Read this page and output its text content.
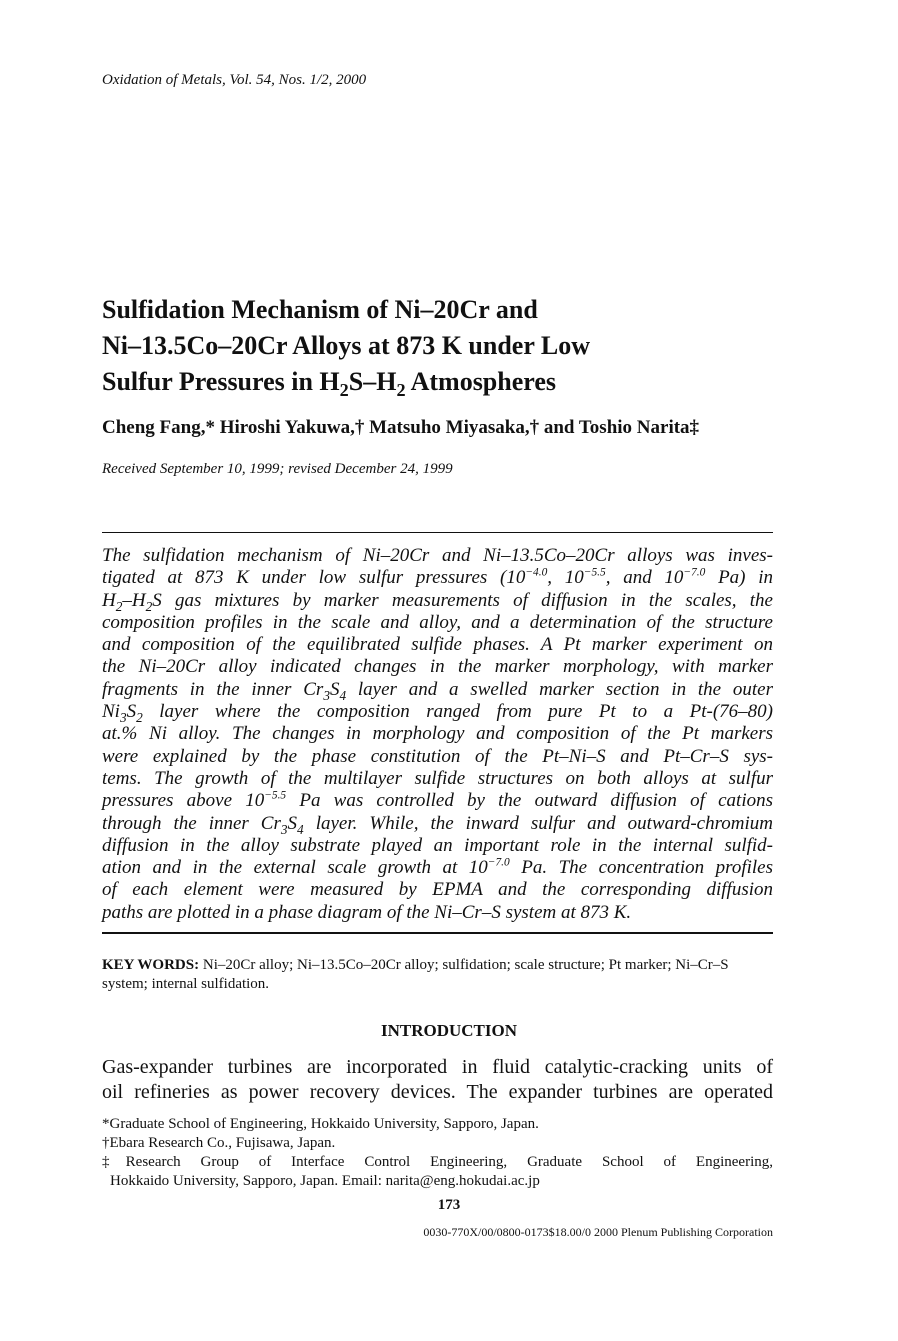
Oxidation of Metals, Vol. 54, Nos. 1/2, 2000
Sulfidation Mechanism of Ni–20Cr and
Ni–13.5Co–20Cr Alloys at 873 K under Low
Sulfur Pressures in $H_2S-H_2$ Atmospheres
Cheng Fang,* Hiroshi Yakuwa,† Matsuho Miyasaka,† and Toshio Narita‡
Received September 10, 1999; revised December 24, 1999
The sulfidation mechanism of Ni–20Cr and Ni–13.5Co–20Cr alloys was inves-
tigated at 873 K under low sulfur pressures ($10^{-4.0}$, $10^{-5.5}$, and $10^{-7.0}$ Pa) in
$H_2-H_2S$ gas mixtures by marker measurements of diffusion in the scales, the
composition profiles in the scale and alloy, and a determination of the structure
and composition of the equilibrated sulfide phases. A Pt marker experiment on
the Ni–20Cr alloy indicated changes in the marker morphology, with marker
fragments in the inner $Cr_3S_4$ layer and a swelled marker section in the outer
$Ni_3S_2$ layer where the composition ranged from pure Pt to a Pt-(76–80)
at.% Ni alloy. The changes in morphology and composition of the Pt markers
were explained by the phase constitution of the Pt–Ni–S and Pt–Cr–S sys-
tems. The growth of the multilayer sulfide structures on both alloys at sulfur
pressures above $10^{-5.5}$ Pa was controlled by the outward diffusion of cations
through the inner $Cr_3S_4$ layer. While, the inward sulfur and outward-chromium
diffusion in the alloy substrate played an important role in the internal sulfid-
ation and in the external scale growth at $10^{-7.0}$ Pa. The concentration profiles
of each element were measured by EPMA and the corresponding diffusion
paths are plotted in a phase diagram of the Ni–Cr–S system at 873 K.
KEY WORDS: Ni–20Cr alloy; Ni–13.5Co–20Cr alloy; sulfidation; scale structure; Pt marker; Ni–Cr–S system; internal sulfidation.
INTRODUCTION
Gas-expander turbines are incorporated in fluid catalytic-cracking units of
oil refineries as power recovery devices. The expander turbines are operated
*Graduate School of Engineering, Hokkaido University, Sapporo, Japan.
†Ebara Research Co., Fujisawa, Japan.
‡Research Group of Interface Control Engineering, Graduate School of Engineering,
Hokkaido University, Sapporo, Japan. Email: narita@eng.hokudai.ac.jp
173
0030-770X/00/0800-0173$18.00/0 2000 Plenum Publishing Corporation
